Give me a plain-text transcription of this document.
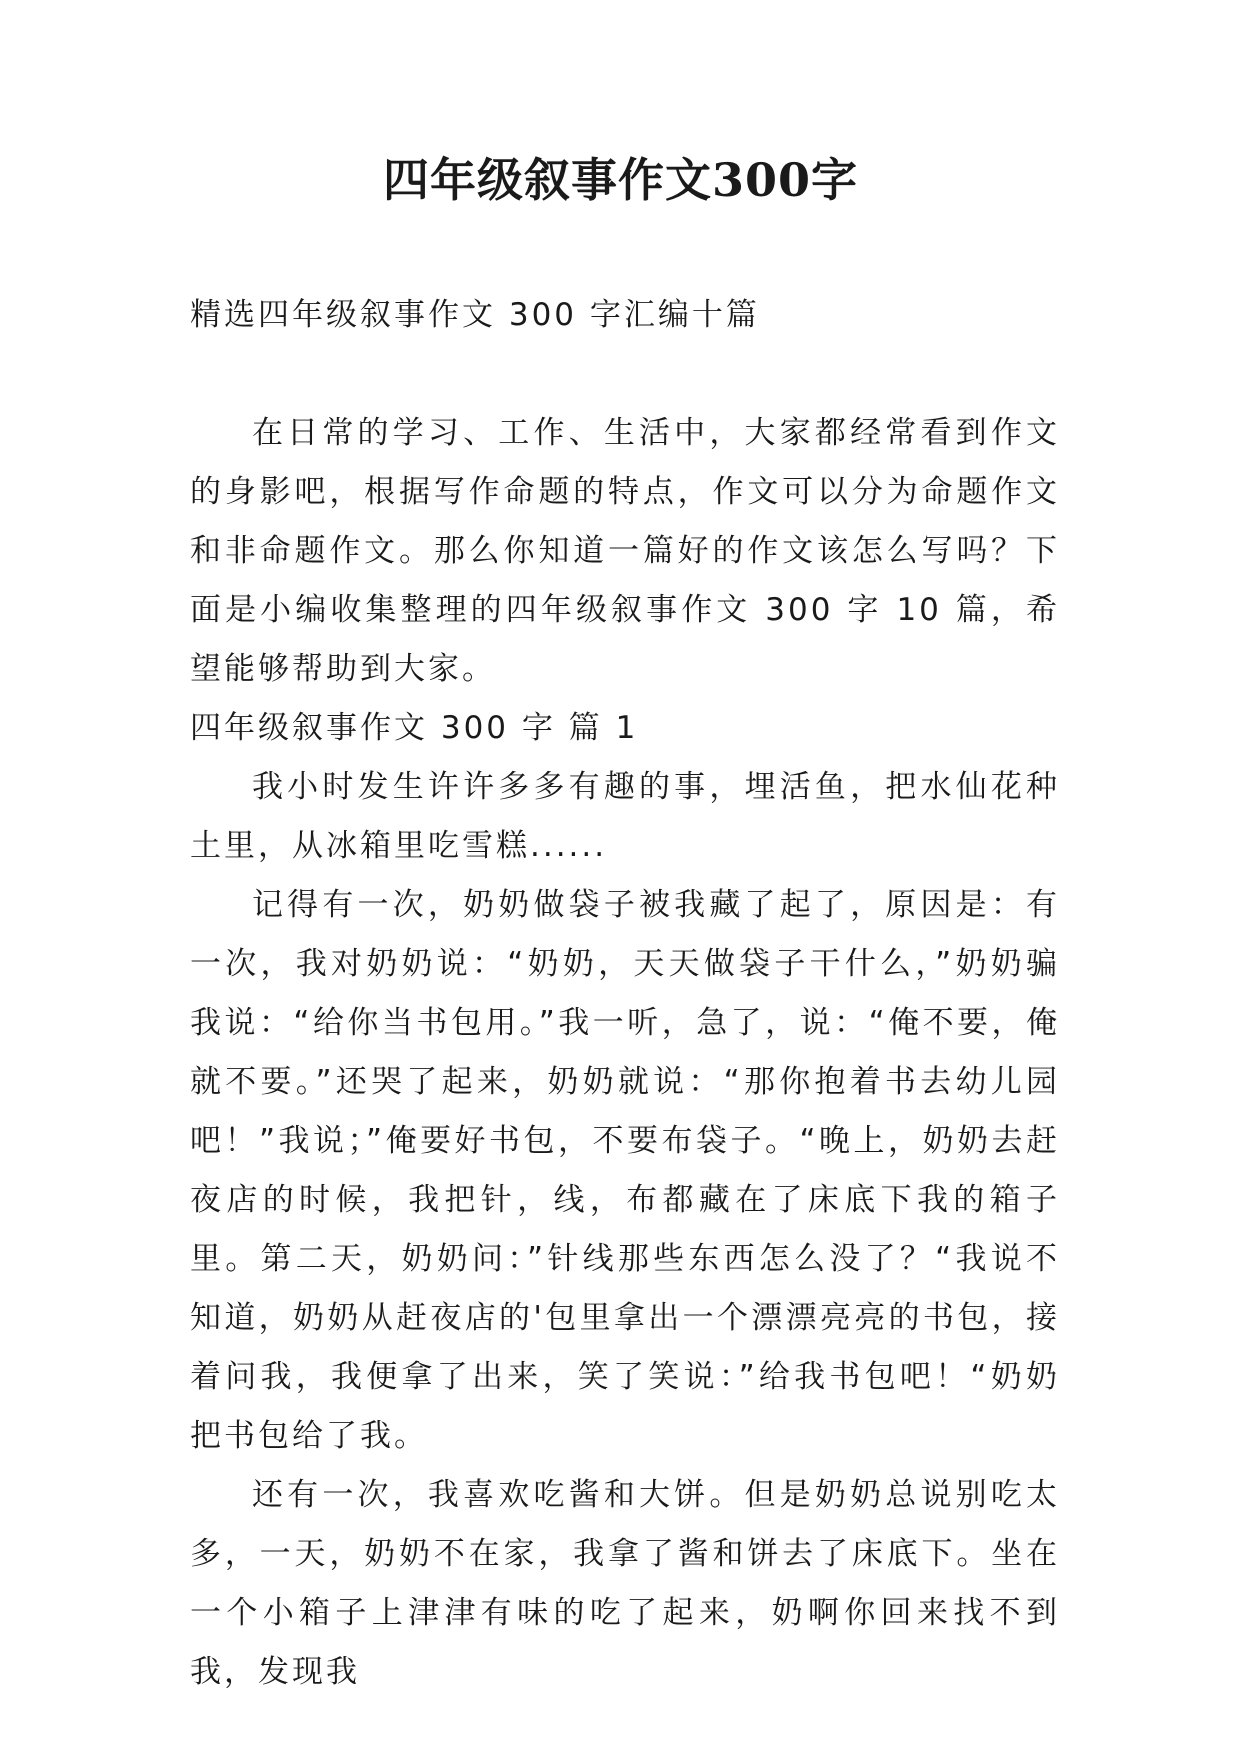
四年级叙事作文300字
精选四年级叙事作文 300 字汇编十篇

在日常的学习、工作、生活中，大家都经常看到作文的身影吧，根据写作命题的特点，作文可以分为命题作文和非命题作文。那么你知道一篇好的作文该怎么写吗？下面是小编收集整理的四年级叙事作文 300 字 10 篇，希望能够帮助到大家。

四年级叙事作文 300 字 篇 1

我小时发生许许多多有趣的事，埋活鱼，把水仙花种土里，从冰箱里吃雪糕......

记得有一次，奶奶做袋子被我藏了起了，原因是：有一次，我对奶奶说：“奶奶，天天做袋子干什么，”奶奶骗我说：“给你当书包用。”我一听，急了，说：“俺不要，俺就不要。”还哭了起来，奶奶就说：“那你抱着书去幼儿园吧！”我说；”俺要好书包，不要布袋子。“晚上，奶奶去赶夜店的时候，我把针，线，布都藏在了床底下我的箱子里。第二天，奶奶问：”针线那些东西怎么没了？“我说不知道，奶奶从赶夜店的'包里拿出一个漂漂亮亮的书包，接着问我，我便拿了出来，笑了笑说：”给我书包吧！“奶奶把书包给了我。

还有一次，我喜欢吃酱和大饼。但是奶奶总说别吃太多，一天，奶奶不在家，我拿了酱和饼去了床底下。坐在一个小箱子上津津有味的吃了起来，奶啊你回来找不到我，发现我
